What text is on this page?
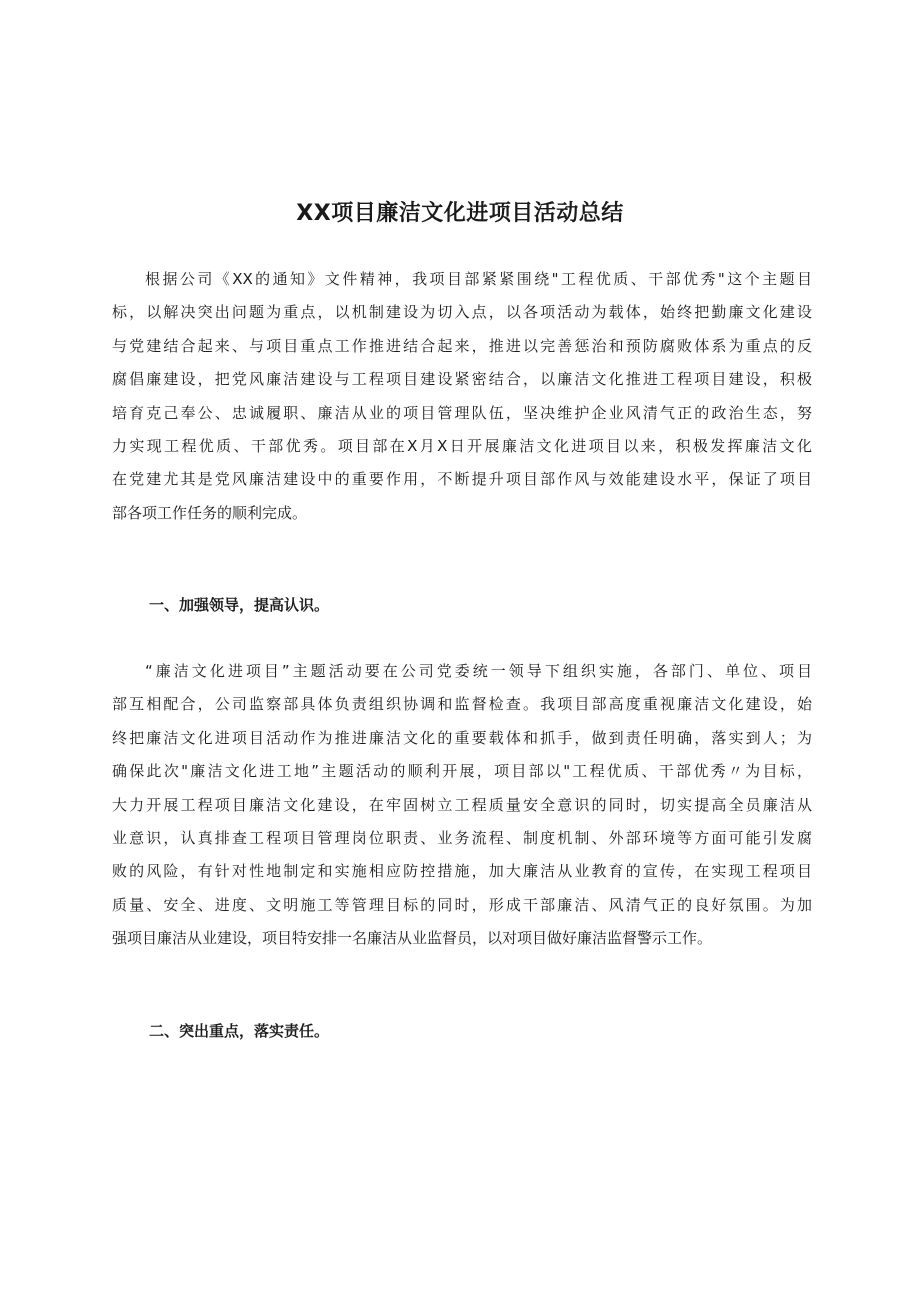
XX项目廉洁文化进项目活动总结
根据公司《XX的通知》文件精神，我项目部紧紧围绕"工程优质、干部优秀"这个主题目
标，以解决突出问题为重点，以机制建设为切入点，以各项活动为载体，始终把勤廉文化建设
与党建结合起来、与项目重点工作推进结合起来，推进以完善惩治和预防腐败体系为重点的反
腐倡廉建设，把党风廉洁建设与工程项目建设紧密结合，以廉洁文化推进工程项目建设，积极
培育克己奉公、忠诚履职、廉洁从业的项目管理队伍，坚决维护企业风清气正的政治生态，努
力实现工程优质、干部优秀。项目部在X月X日开展廉洁文化进项目以来，积极发挥廉洁文化
在党建尤其是党风廉洁建设中的重要作用，不断提升项目部作风与效能建设水平，保证了项目
部各项工作任务的顺利完成。
一、加强领导，提高认识。
“廉洁文化进项目”主题活动要在公司党委统一领导下组织实施，各部门、单位、项目
部互相配合，公司监察部具体负责组织协调和监督检查。我项目部高度重视廉洁文化建设，始
终把廉洁文化进项目活动作为推进廉洁文化的重要载体和抓手，做到责任明确，落实到人；为
确保此次"廉洁文化进工地”主题活动的顺利开展，项目部以"工程优质、干部优秀〃为目标，
大力开展工程项目廉洁文化建设，在牢固树立工程质量安全意识的同时，切实提高全员廉洁从
业意识，认真排查工程项目管理岗位职责、业务流程、制度机制、外部环境等方面可能引发腐
败的风险，有针对性地制定和实施相应防控措施，加大廉洁从业教育的宣传，在实现工程项目
质量、安全、进度、文明施工等管理目标的同时，形成干部廉洁、风清气正的良好氛围。为加
强项目廉洁从业建设，项目特安排一名廉洁从业监督员，以对项目做好廉洁监督警示工作。
二、突出重点，落实责任。
